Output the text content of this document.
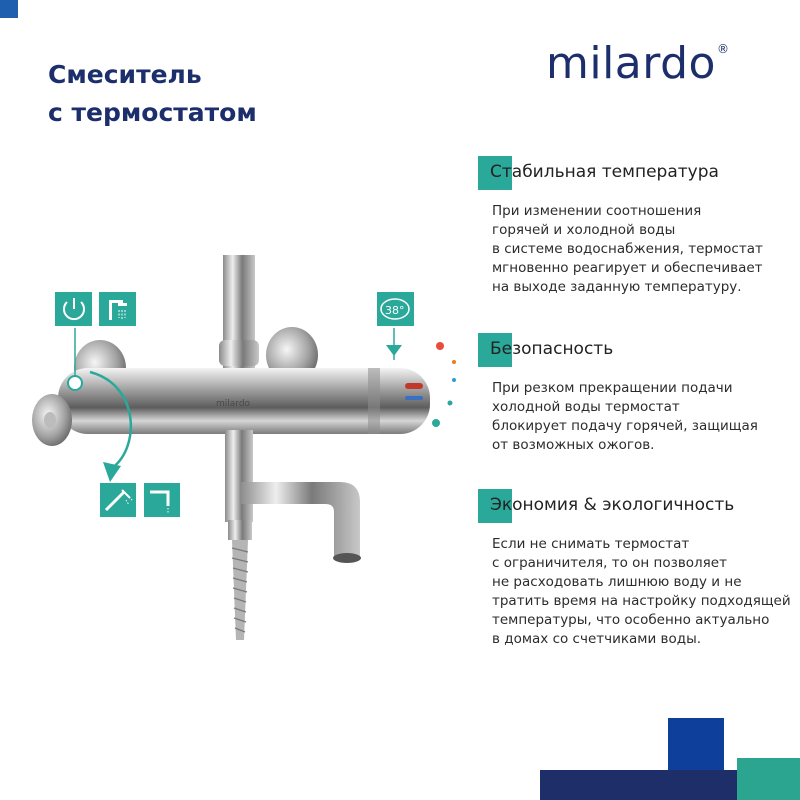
Смеситель
с термостатом
milardo®
Стабильная температура
При изменении соотношения
горячей и холодной воды
в системе водоснабжения, термостат
мгновенно реагирует и обеспечивает
на выходе заданную температуру.
Безопасность
При резком прекращении подачи
холодной воды термостат
блокирует подачу горячей, защищая
от возможных ожогов.
Экономия & экологичность
Если не снимать термостат
с ограничителя, то он позволяет
не расходовать лишнюю воду и не
тратить время на настройку подходящей
температуры, что особенно актуально
в домах со счетчиками воды.
milardo
38°
